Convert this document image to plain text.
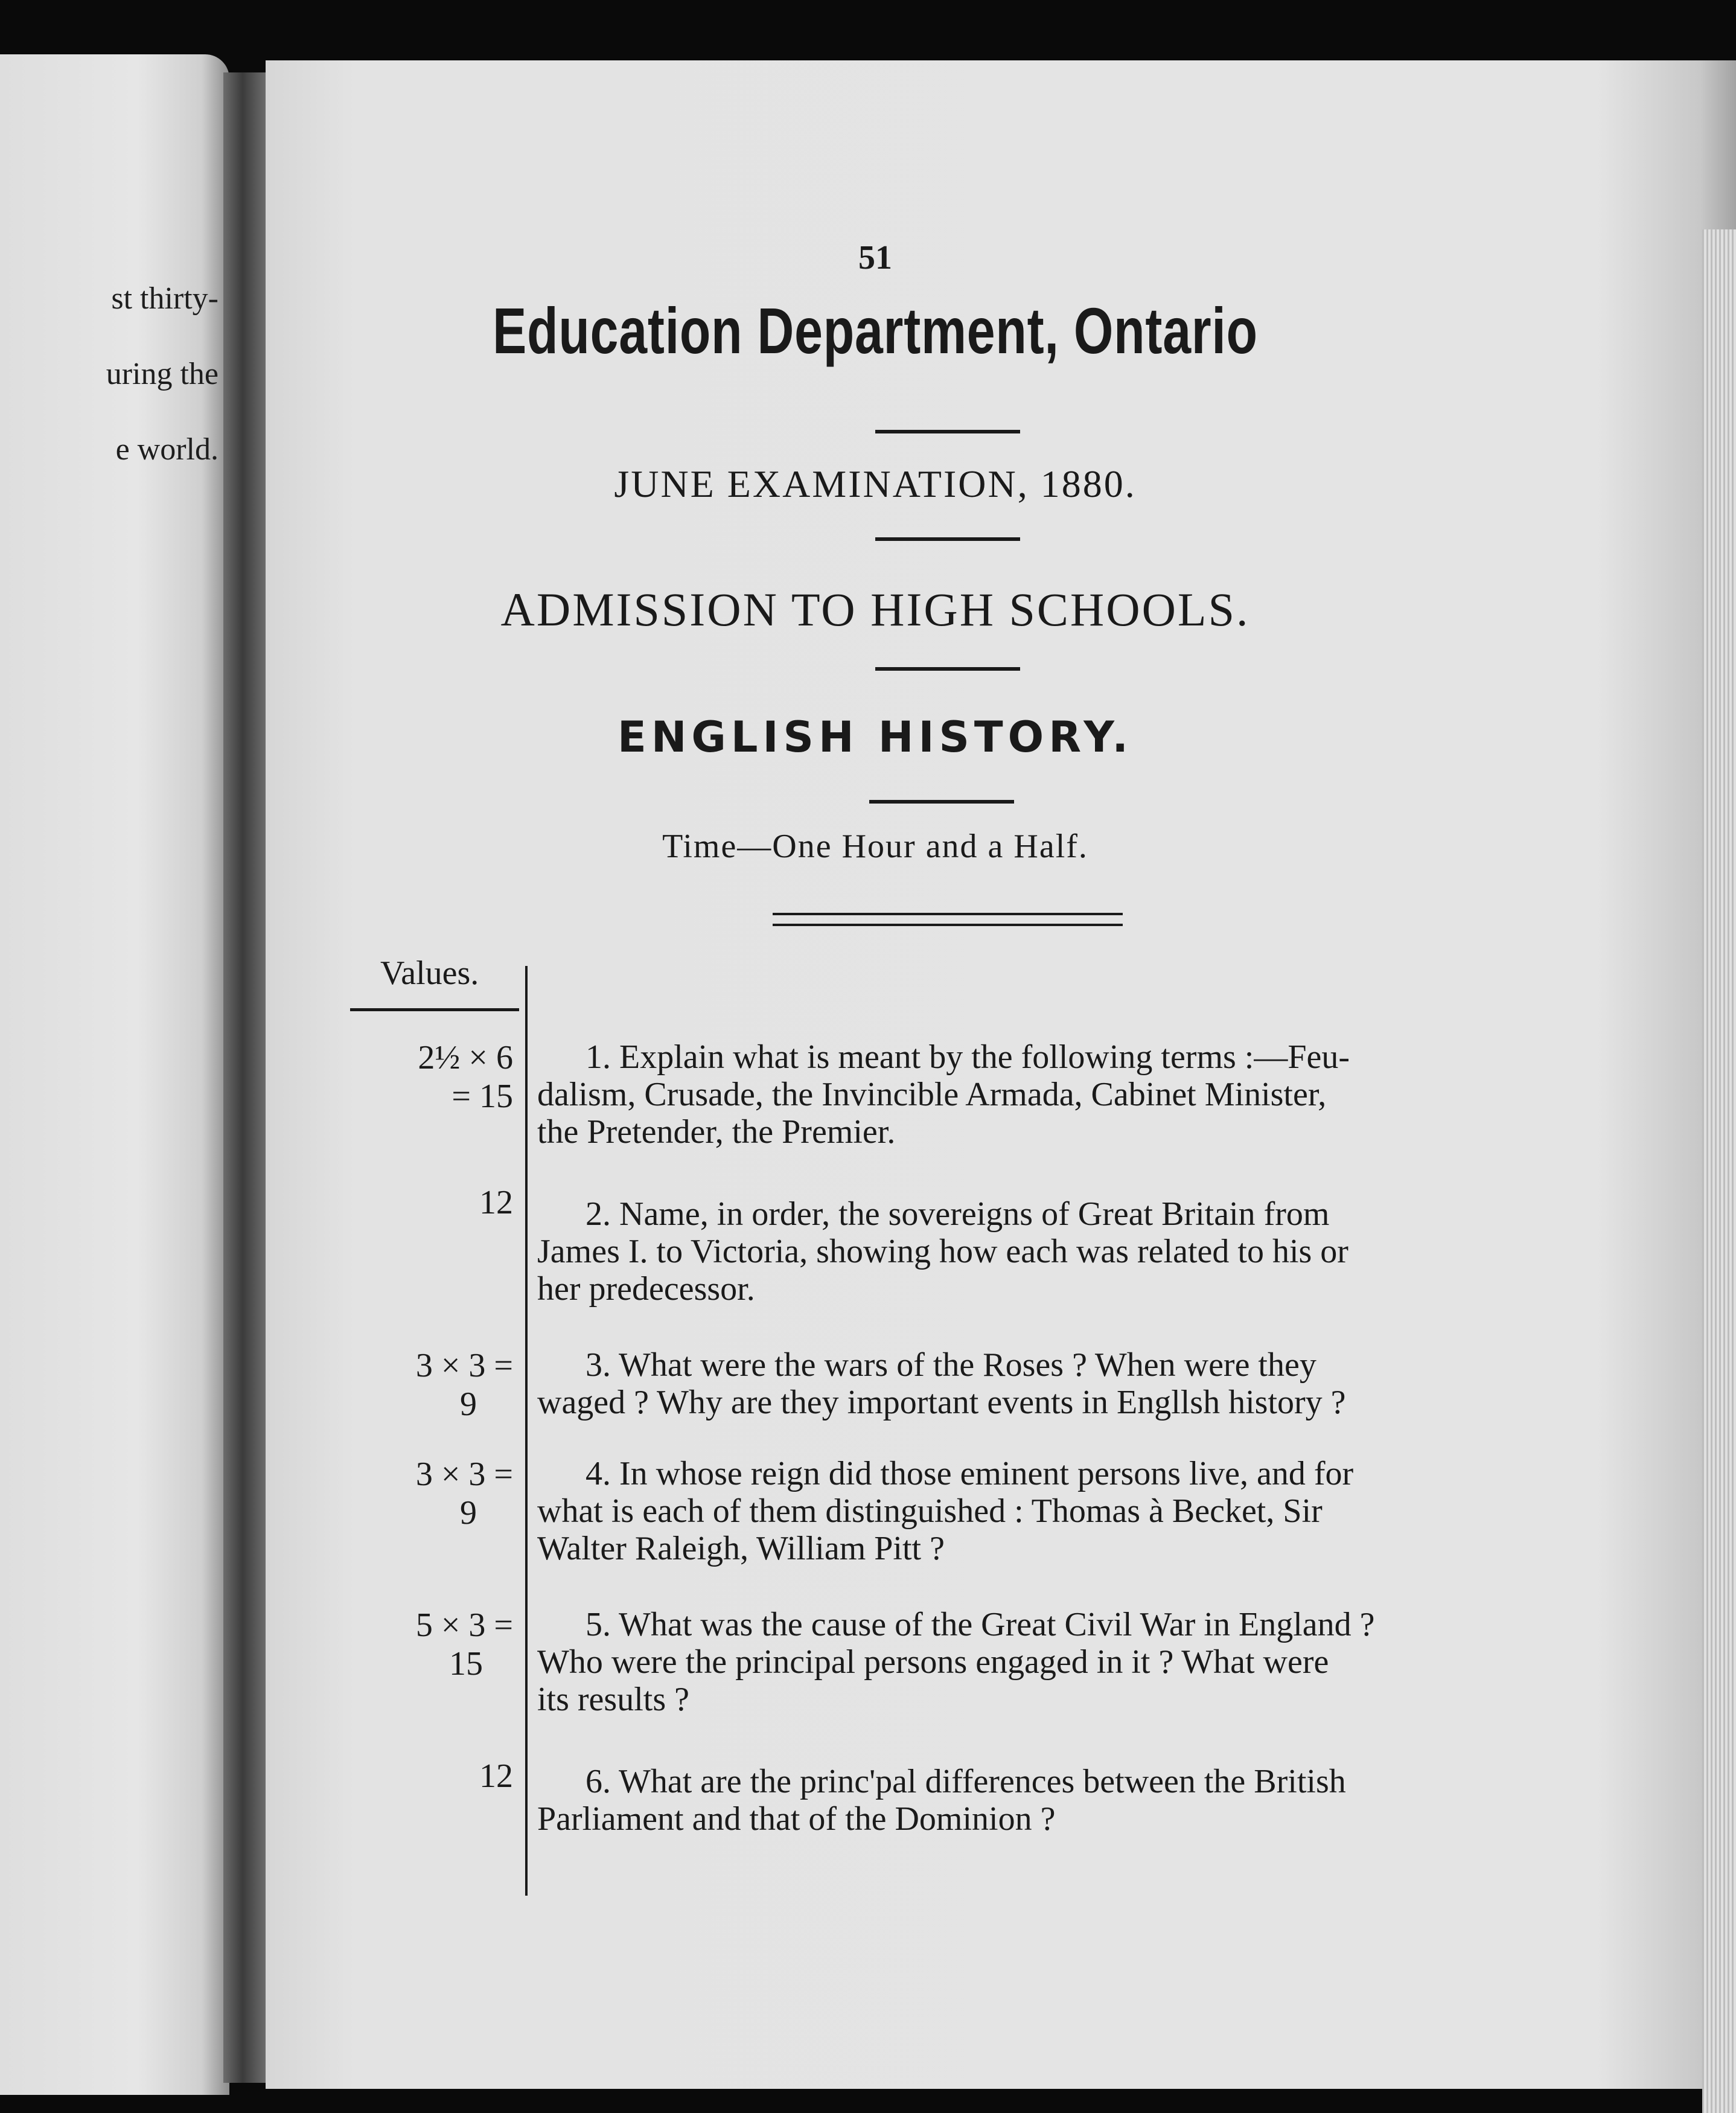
st thirty-
uring the
e world.
51
Education Department, Ontario
JUNE EXAMINATION, 1880.
ADMISSION TO HIGH SCHOOLS.
ENGLISH HISTORY.
Time—One Hour and a Half.
Values.
2½ × 6
= 15
1. Explain what is meant by the following terms :—Feu-
dalism, Crusade, the Invincible Armada, Cabinet Minister,
the Pretender, the Premier.
12	2. Name, in order, the sovereigns of Great Britain from
James I. to Victoria, showing how each was related to his or
her predecessor.
3 × 3 =
9
3. What were the wars of the Roses ? When were they
waged ? Why are they important events in Engllsh history ?
3 × 3 =
9
4. In whose reign did those eminent persons live, and for
what is each of them distinguished : Thomas à Becket, Sir
Walter Raleigh, William Pitt ?
5 × 3 =
15
5. What was the cause of the Great Civil War in England ?
Who were the principal persons engaged in it ? What were
its results ?
12	6. What are the princ'pal differences between the British
Parliament and that of the Dominion ?
